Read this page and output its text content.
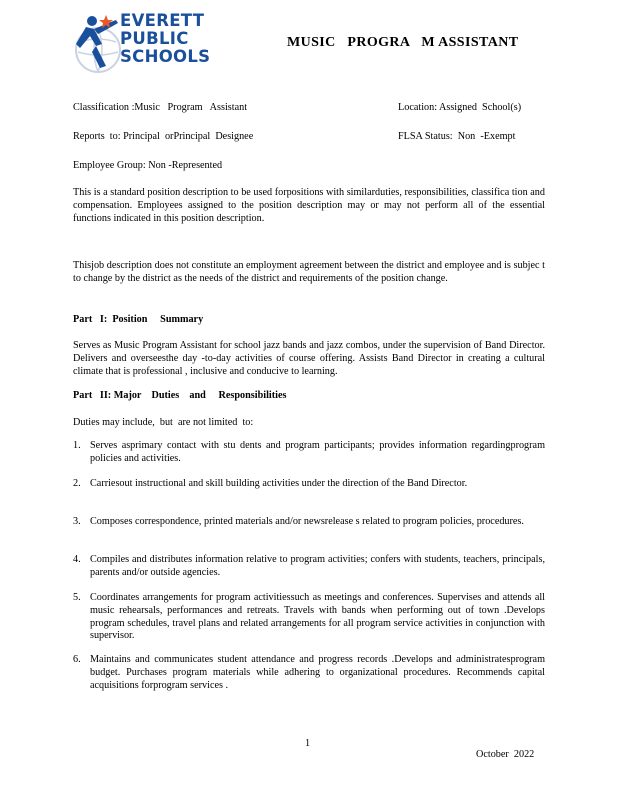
EVERETT
PUBLIC
SCHOOLS
MUSIC   PROGRA   M ASSISTANT
Classification :Music   Program   Assistant	Location: Assigned  School(s)
Reports  to: Principal  orPrincipal  Designee	FLSA Status:  Non  -Exempt
Employee Group: Non -Represented
This is a standard position description to be used forpositions with similarduties, responsibilities, classifica tion and compensation. Employees assigned to the position description may or may not perform all of the essential functions indicated in this position description.
Thisjob description does not constitute an employment agreement between the district and employee and is subjec t to change by the district as the needs of the district and requirements of the position change.
Part   I:  Position     Summary
Serves as Music Program Assistant for school jazz bands and jazz combos, under the supervision of Band Director. Delivers and overseesthe day -to-day activities of course offering. Assists Band Director in creating a cultural climate that is professional , inclusive and conducive to learning.
Part   II: Major    Duties    and     Responsibilities
Duties may include,  but  are not limited  to:
1. Serves asprimary contact with stu dents and program participants; provides information regardingprogram policies and activities.
2. Carriesout instructional and skill building activities under the direction of the Band Director.
3. Composes correspondence, printed materials and/or newsrelease s related to program policies, procedures.
4. Compiles and distributes information relative to program activities; confers with students, teachers, principals, parents and/or outside agencies.
5. Coordinates arrangements for program activitiessuch as meetings and conferences. Supervises and attends all music rehearsals, performances and retreats. Travels with bands when performing out of town .Develops program schedules, travel plans and related arrangements for all program service activities in conjunction with supervisor.
6. Maintains and communicates student attendance and progress records .Develops and administratesprogram budget. Purchases program materials while adhering to organizational procedures. Recommends capital acquisitions forprogram services .
1
October  2022
